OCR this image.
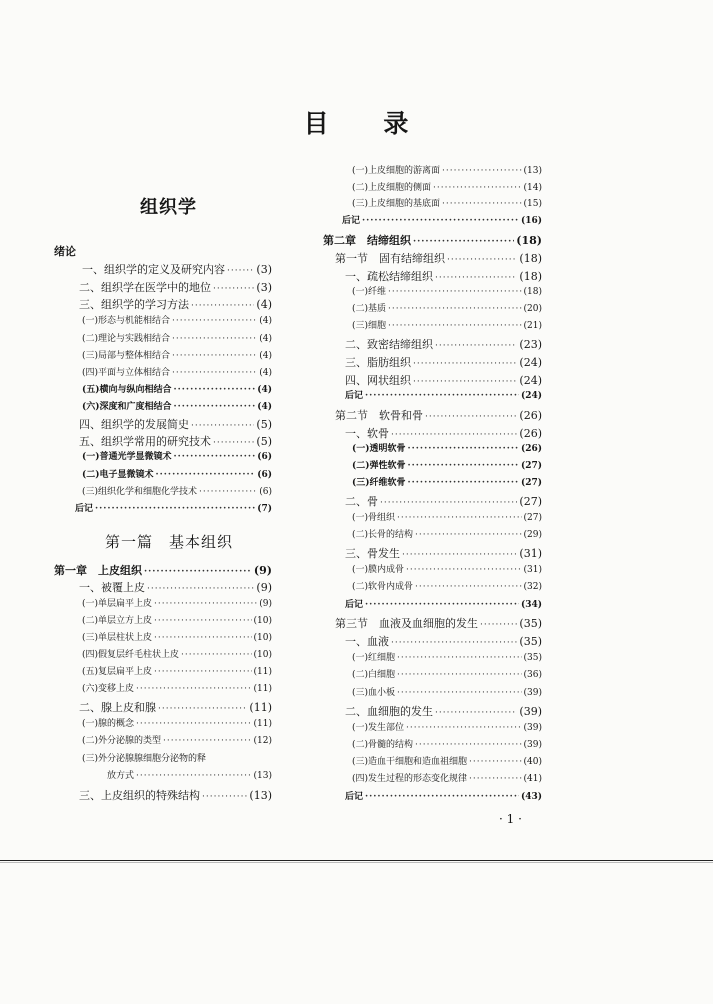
目 录
组织学
第一篇 基本组织
绪论
一、组织学的定义及研究内容 ·····	(3)
二、组织学在医学中的地位 ·····	(3)
三、组织学的学习方法 ·····	(4)
(一)形态与机能相结合 ·····	(4)
(二)理论与实践相结合 ·····	(4)
(三)局部与整体相结合 ·····	(4)
(四)平面与立体相结合 ·····	(4)
(五)横向与纵向相结合 ·····	(4)
(六)深度和广度相结合 ·····	(4)
四、组织学的发展简史 ·····	(5)
五、组织学常用的研究技术 ·····	(5)
(一)普通光学显微镜术 ·····	(6)
(二)电子显微镜术 ·····	(6)
(三)组织化学和细胞化学技术 ·····	(6)
后记 ·····	(7)
第一章　上皮组织 ·····	(9)
一、被覆上皮 ·····	(9)
(一)单层扁平上皮 ·····	(9)
(二)单层立方上皮 ·····	(10)
(三)单层柱状上皮 ·····	(10)
(四)假复层纤毛柱状上皮 ·····	(10)
(五)复层扁平上皮 ·····	(11)
(六)变移上皮 ·····	(11)
二、腺上皮和腺 ·····	(11)
(一)腺的概念 ·····	(11)
(二)外分泌腺的类型 ·····	(12)
(三)外分泌腺腺细胞分泌物的释
放方式 ·····	(13)
三、上皮组织的特殊结构 ·····	(13)
(一)上皮细胞的游离面 ·····	(13)
(二)上皮细胞的侧面 ·····	(14)
(三)上皮细胞的基底面 ·····	(15)
后记 ·····	(16)
第二章　结缔组织 ·····	(18)
第一节　固有结缔组织 ·····	(18)
一、疏松结缔组织 ·····	(18)
(一)纤维 ·····	(18)
(二)基质 ·····	(20)
(三)细胞 ·····	(21)
二、致密结缔组织 ·····	(23)
三、脂肪组织 ·····	(24)
四、网状组织 ·····	(24)
后记 ·····	(24)
第二节　软骨和骨 ·····	(26)
一、软骨 ·····	(26)
(一)透明软骨 ·····	(26)
(二)弹性软骨 ·····	(27)
(三)纤维软骨 ·····	(27)
二、骨 ·····	(27)
(一)骨组织 ·····	(27)
(二)长骨的结构 ·····	(29)
三、骨发生 ·····	(31)
(一)膜内成骨 ·····	(31)
(二)软骨内成骨 ·····	(32)
后记 ·····	(34)
第三节　血液及血细胞的发生 ·····	(35)
一、血液 ·····	(35)
(一)红细胞 ·····	(35)
(二)白细胞 ·····	(36)
(三)血小板 ·····	(39)
二、血细胞的发生 ·····	(39)
(一)发生部位 ·····	(39)
(二)骨髓的结构 ·····	(39)
(三)造血干细胞和造血祖细胞 ·····	(40)
(四)发生过程的形态变化规律 ·····	(41)
后记 ·····	(43)
· 1 ·
